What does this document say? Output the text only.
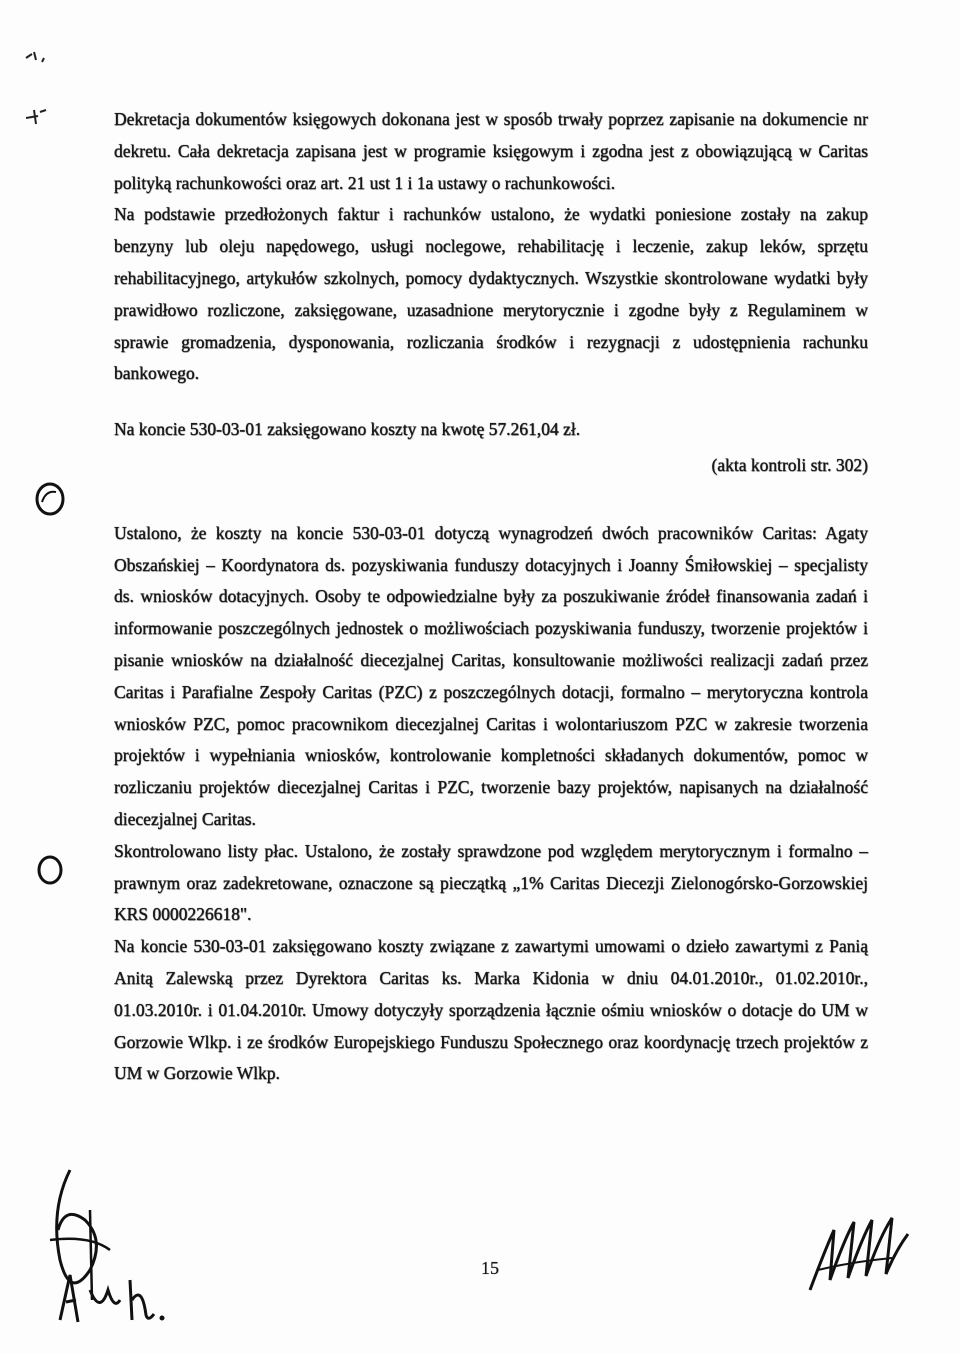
Dekretacja dokumentów księgowych dokonana jest w sposób trwały poprzez zapisanie na dokumencie nr dekretu. Cała dekretacja zapisana jest w programie księgowym i zgodna jest z obowiązującą w Caritas polityką rachunkowości oraz art. 21 ust 1 i 1a ustawy o rachunkowości.

Na podstawie przedłożonych faktur i rachunków ustalono, że wydatki poniesione zostały na zakup benzyny lub oleju napędowego, usługi noclegowe, rehabilitację i leczenie, zakup leków, sprzętu rehabilitacyjnego, artykułów szkolnych, pomocy dydaktycznych. Wszystkie skontrolowane wydatki były prawidłowo rozliczone, zaksięgowane, uzasadnione merytorycznie i zgodne były z Regulaminem w sprawie gromadzenia, dysponowania, rozliczania środków i rezygnacji z udostępnienia rachunku bankowego.

Na koncie 530-03-01 zaksięgowano koszty na kwotę 57.261,04 zł.

(akta kontroli str. 302)

Ustalono, że koszty na koncie 530-03-01 dotyczą wynagrodzeń dwóch pracowników Caritas: Agaty Obszańskiej – Koordynatora ds. pozyskiwania funduszy dotacyjnych i Joanny Śmiłowskiej – specjalisty ds. wniosków dotacyjnych. Osoby te odpowiedzialne były za poszukiwanie źródeł finansowania zadań i informowanie poszczególnych jednostek o możliwościach pozyskiwania funduszy, tworzenie projektów i pisanie wniosków na działalność diecezjalnej Caritas, konsultowanie możliwości realizacji zadań przez Caritas i Parafialne Zespoły Caritas (PZC) z poszczególnych dotacji, formalno – merytoryczna kontrola wniosków PZC, pomoc pracownikom diecezjalnej Caritas i wolontariuszom PZC w zakresie tworzenia projektów i wypełniania wniosków, kontrolowanie kompletności składanych dokumentów, pomoc w rozliczaniu projektów diecezjalnej Caritas i PZC, tworzenie bazy projektów, napisanych na działalność diecezjalnej Caritas.

Skontrolowano listy płac. Ustalono, że zostały sprawdzone pod względem merytorycznym i formalno – prawnym oraz zadekretowane, oznaczone są pieczątką „1% Caritas Diecezji Zielonogórsko-Gorzowskiej KRS 0000226618".

Na koncie 530-03-01 zaksięgowano koszty związane z zawartymi umowami o dzieło zawartymi z Panią Anitą Zalewską przez Dyrektora Caritas ks. Marka Kidonia w dniu 04.01.2010r., 01.02.2010r., 01.03.2010r. i 01.04.2010r. Umowy dotyczyły sporządzenia łącznie ośmiu wniosków o dotacje do UM w Gorzowie Wlkp. i ze środków Europejskiego Funduszu Społecznego oraz koordynację trzech projektów z UM w Gorzowie Wlkp.

15
